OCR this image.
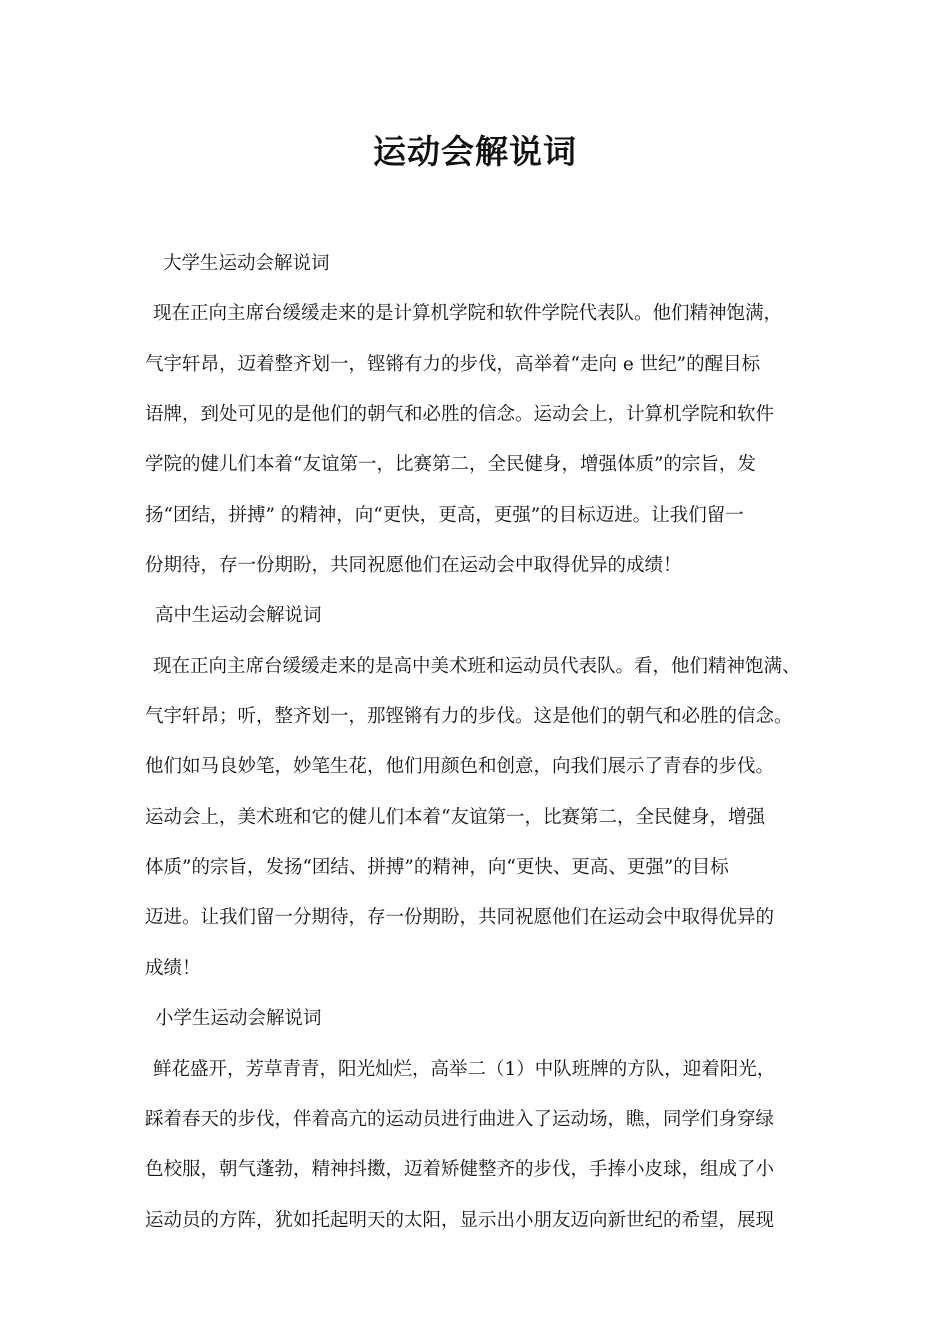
运动会解说词
大学生运动会解说词
现在正向主席台缓缓走来的是计算机学院和软件学院代表队。他们精神饱满，
气宇轩昂，迈着整齐划一，铿锵有力的步伐，高举着“走向 e 世纪”的醒目标
语牌，到处可见的是他们的朝气和必胜的信念。运动会上，计算机学院和软件
学院的健儿们本着“友谊第一，比赛第二，全民健身，增强体质”的宗旨，发
扬“团结，拼搏” 的精神，向“更快，更高，更强”的目标迈进。让我们留一
份期待，存一份期盼，共同祝愿他们在运动会中取得优异的成绩！
高中生运动会解说词
现在正向主席台缓缓走来的是高中美术班和运动员代表队。看，他们精神饱满、
气宇轩昂；听，整齐划一，那铿锵有力的步伐。这是他们的朝气和必胜的信念。
他们如马良妙笔，妙笔生花，他们用颜色和创意，向我们展示了青春的步伐。
运动会上，美术班和它的健儿们本着“友谊第一，比赛第二，全民健身，增强
体质”的宗旨，发扬“团结、拼搏”的精神，向“更快、更高、更强”的目标
迈进。让我们留一分期待，存一份期盼，共同祝愿他们在运动会中取得优异的
成绩！
小学生运动会解说词
鲜花盛开，芳草青青，阳光灿烂，高举二（1）中队班牌的方队，迎着阳光，
踩着春天的步伐，伴着高亢的运动员进行曲进入了运动场，瞧，同学们身穿绿
色校服，朝气蓬勃，精神抖擞，迈着矫健整齐的步伐，手捧小皮球，组成了小
运动员的方阵，犹如托起明天的太阳，显示出小朋友迈向新世纪的希望，展现
